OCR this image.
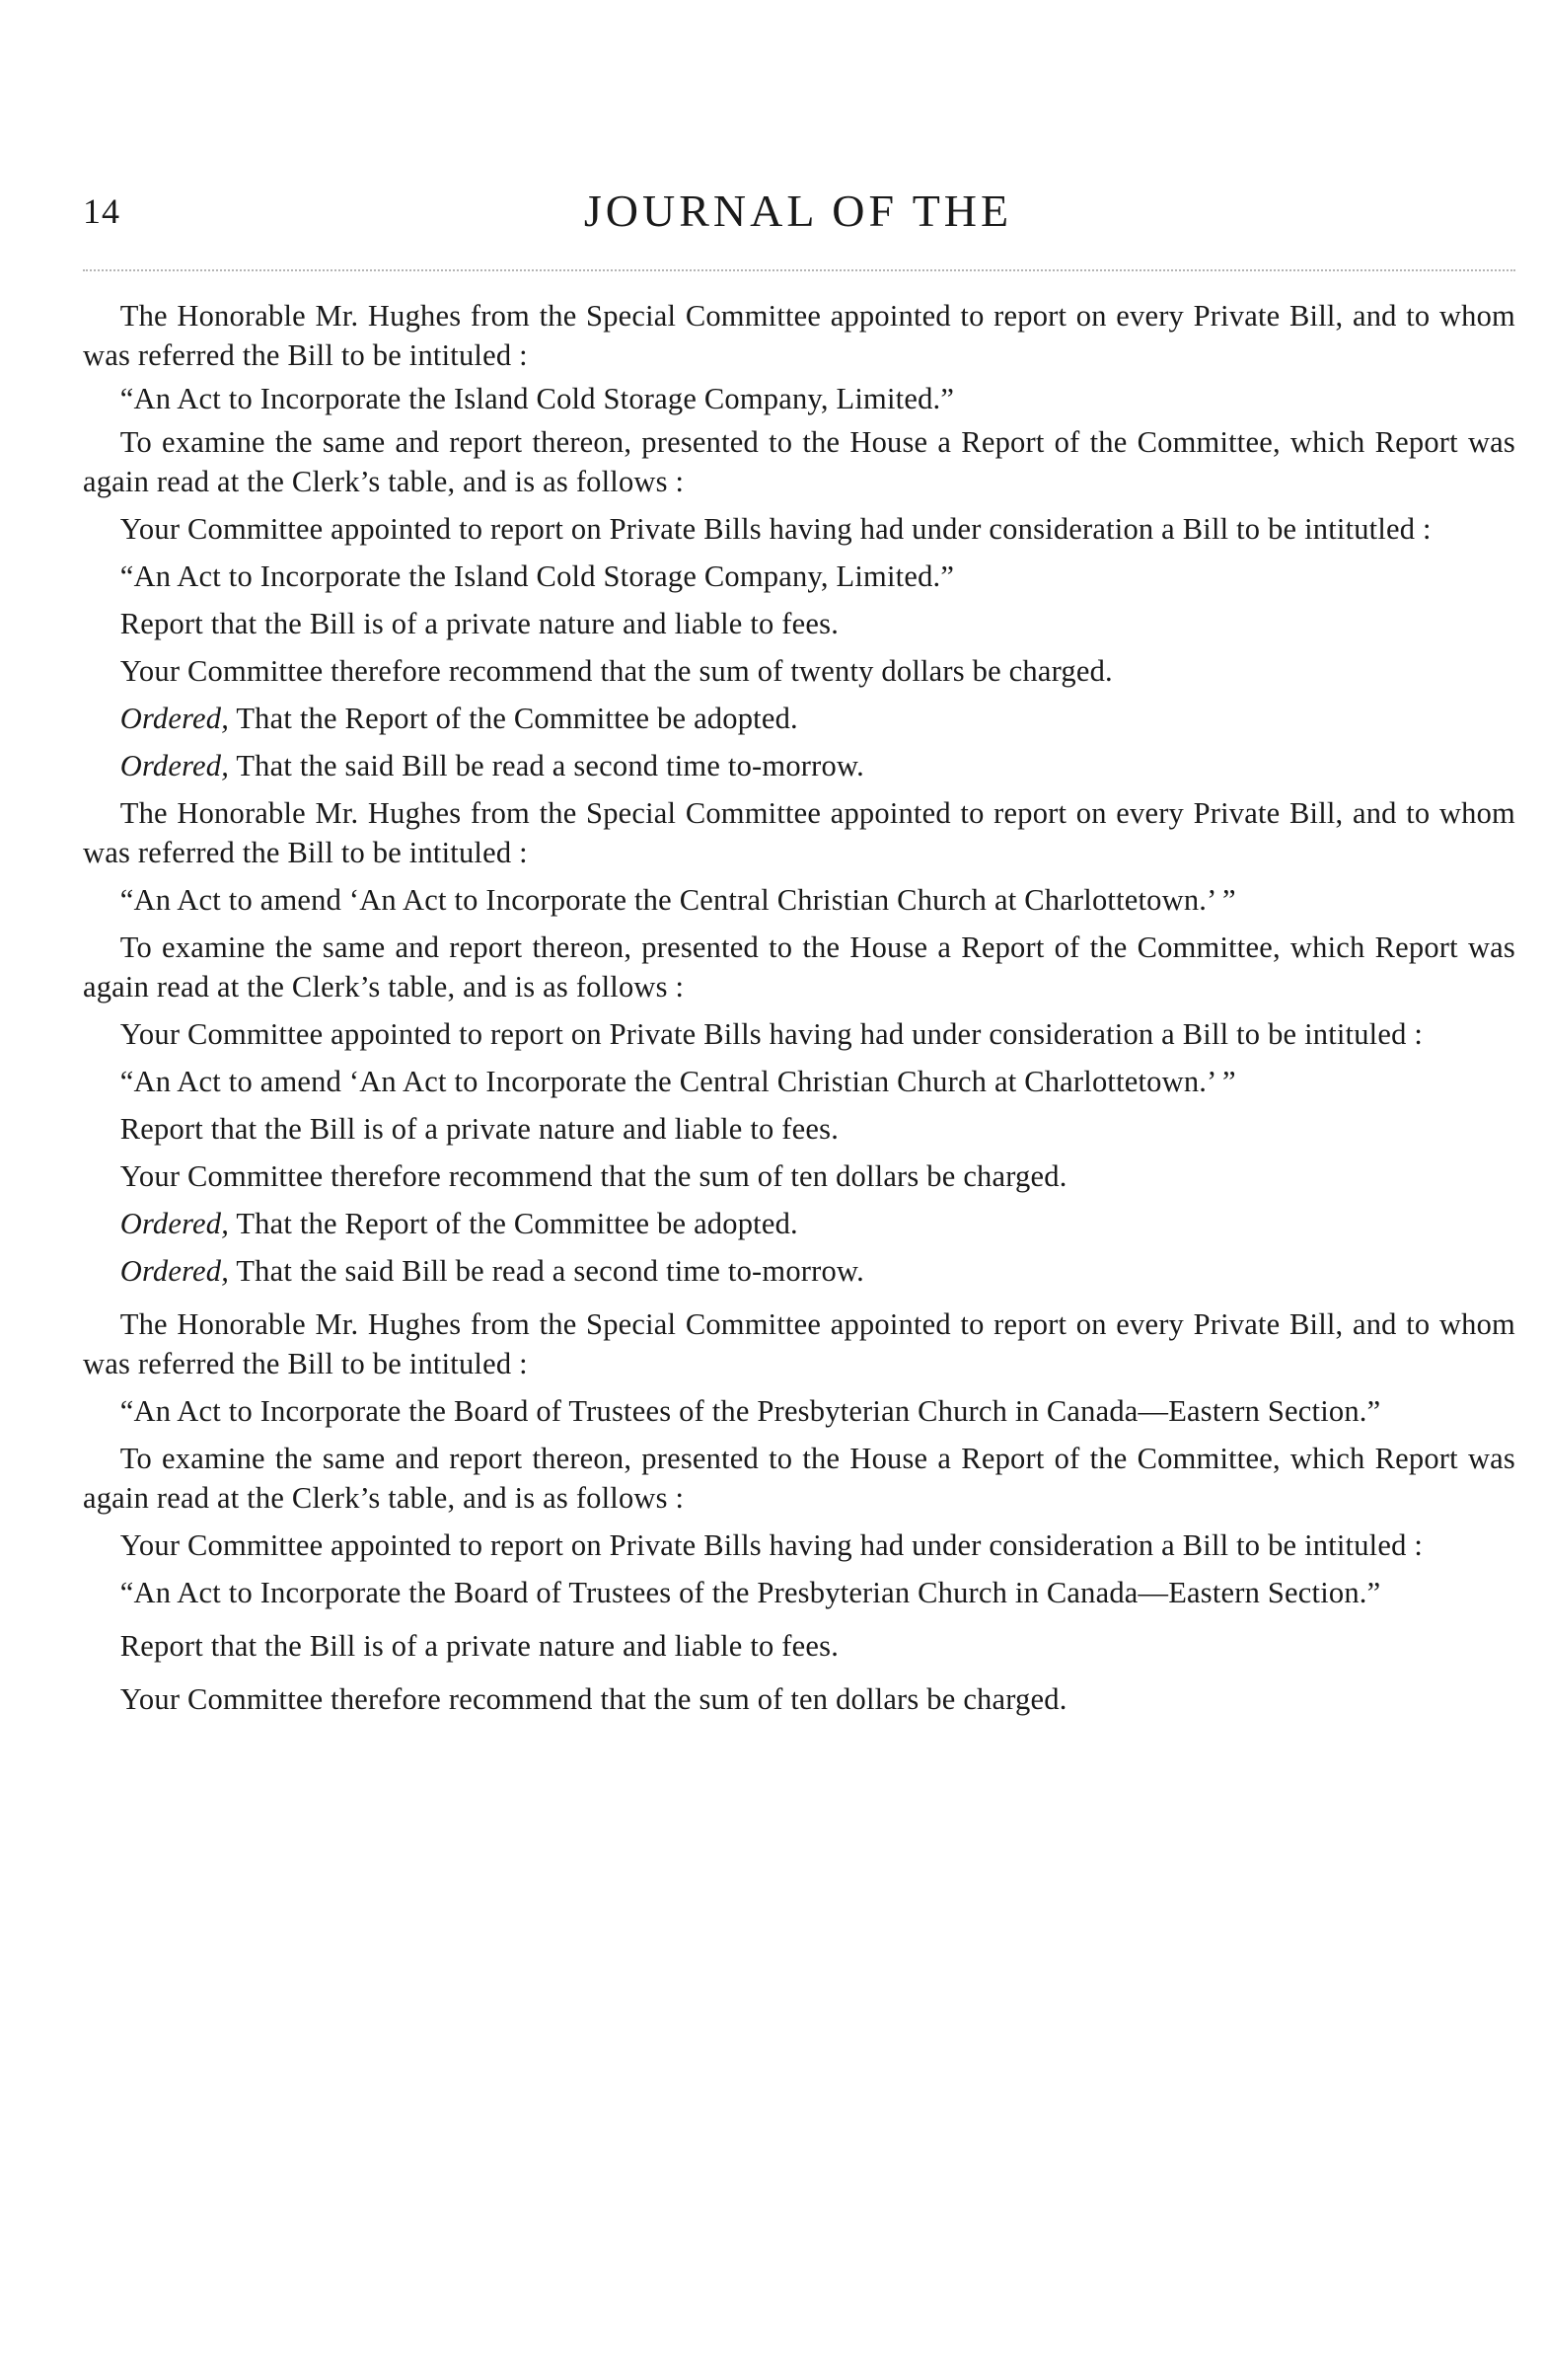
14	JOURNAL OF THE

The Honorable Mr. Hughes from the Special Committee appointed to report on every Private Bill, and to whom was referred the Bill to be intituled :

“An Act to Incorporate the Island Cold Storage Company, Limited.”

To examine the same and report thereon, presented to the House a Report of the Committee, which Report was again read at the Clerk’s table, and is as follows :

Your Committee appointed to report on Private Bills having had under consideration a Bill to be intitutled :

“An Act to Incorporate the Island Cold Storage Company, Limited.”

Report that the Bill is of a private nature and liable to fees.

Your Committee therefore recommend that the sum of twenty dollars be charged.

Ordered, That the Report of the Committee be adopted.

Ordered, That the said Bill be read a second time to-morrow.

The Honorable Mr. Hughes from the Special Committee appointed to report on every Private Bill, and to whom was referred the Bill to be intituled :

“An Act to amend ‘An Act to Incorporate the Central Christian Church at Charlottetown.’ ”

To examine the same and report thereon, presented to the House a Report of the Committee, which Report was again read at the Clerk’s table, and is as follows :

Your Committee appointed to report on Private Bills having had under consideration a Bill to be intituled :

“An Act to amend ‘An Act to Incorporate the Central Christian Church at Charlottetown.’ ”

Report that the Bill is of a private nature and liable to fees.

Your Committee therefore recommend that the sum of ten dollars be charged.

Ordered, That the Report of the Committee be adopted.

Ordered, That the said Bill be read a second time to-morrow.

The Honorable Mr. Hughes from the Special Committee appointed to report on every Private Bill, and to whom was referred the Bill to be intituled :

“An Act to Incorporate the Board of Trustees of the Presbyterian Church in Canada—Eastern Section.”

To examine the same and report thereon, presented to the House a Report of the Committee, which Report was again read at the Clerk’s table, and is as follows :

Your Committee appointed to report on Private Bills having had under consideration a Bill to be intituled :

“An Act to Incorporate the Board of Trustees of the Presbyterian Church in Canada—Eastern Section.”

Report that the Bill is of a private nature and liable to fees.

Your Committee therefore recommend that the sum of ten dollars be charged.
